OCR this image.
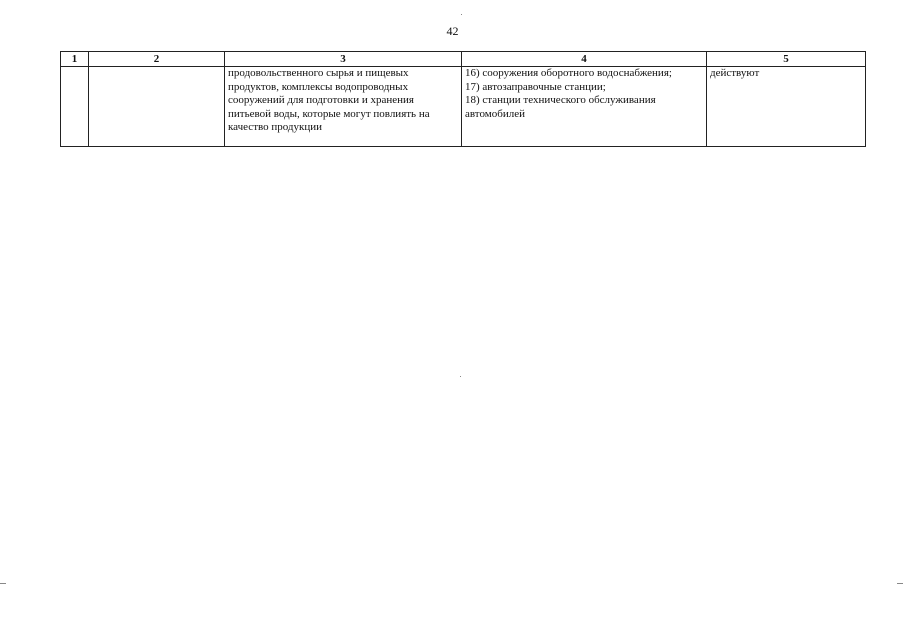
42
1	2	3	4	5

		продовольственного сырья и пищевых продуктов, комплексы водопроводных сооружений для подготовки и хранения питьевой воды, которые могут повлиять на качество продукции	16) сооружения оборотного водоснабжения;
17) автозаправочные станции;
18) станции технического обслуживания автомобилей	действуют
